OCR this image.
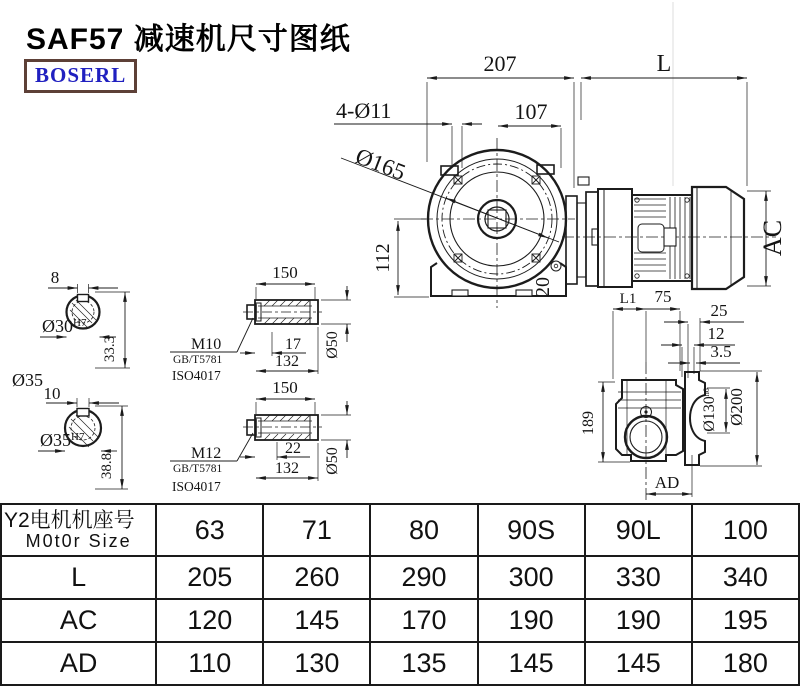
SAF57 减速机尺寸图纸
BOSERL	207	L
107
4-Ø11
Ø165
112
20
AC
8
$Ø30^{H7}$
33.3
Ø35
10
$Ø35^{H7}$
38.8
150
M10
GB/T5781
ISO4017
17
132
Ø50
150
M12
GB/T5781
ISO4017
22
132 Ø50
L1 75
25
12
3.5
189	$Ø130^{h6}$ Ø200
AD
Y2电机机座号
M0t0r Size	63	71	80	90S	90L	100
L	205	260	290	300	330	340
AC	120	145	170	190	190	195
AD	110	130	135	145	145	180
